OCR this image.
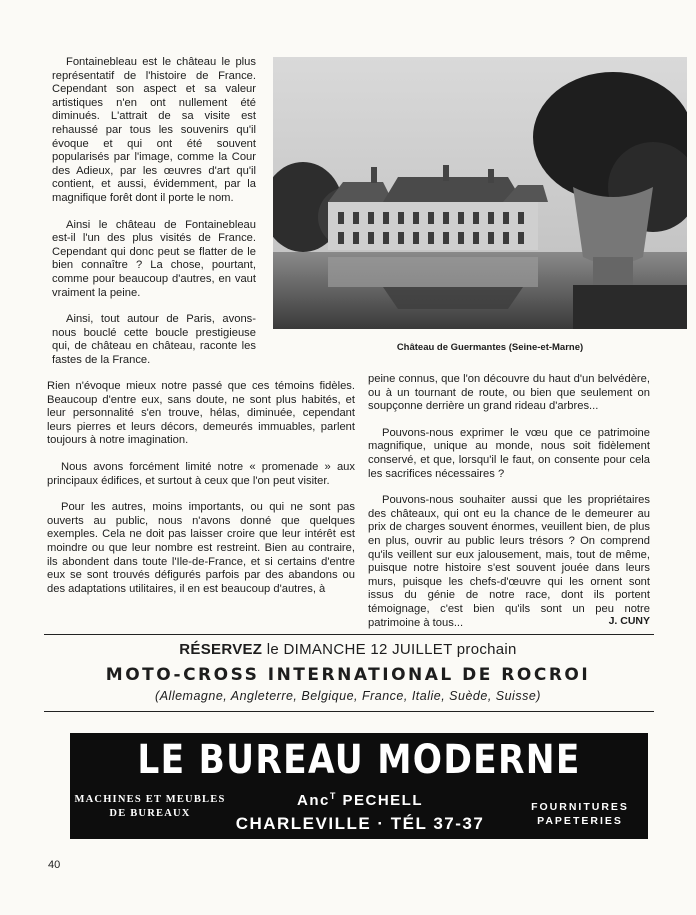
Fontainebleau est le château le plus représentatif de l'histoire de France. Cependant son aspect et sa valeur artistiques n'en ont nullement été diminués. L'attrait de sa visite est rehaussé par tous les souvenirs qu'il évoque et qui ont été souvent popularisés par l'image, comme la Cour des Adieux, par les œuvres d'art qu'il contient, et aussi, évidemment, par la magnifique forêt dont il porte le nom.

Ainsi le château de Fontainebleau est-il l'un des plus visités de France. Cependant qui donc peut se flatter de le bien connaître ? La chose, pourtant, comme pour beaucoup d'autres, en vaut vraiment la peine.

Ainsi, tout autour de Paris, avons-nous bouclé cette boucle prestigieuse qui, de château en château, raconte les fastes de la France.

Château de Guermantes (Seine-et-Marne)

Rien n'évoque mieux notre passé que ces témoins fidèles. Beaucoup d'entre eux, sans doute, ne sont plus habités, et leur personnalité s'en trouve, hélas, diminuée, cependant leurs pierres et leurs décors, demeurés immuables, parlent toujours à notre imagination.

Nous avons forcément limité notre « promenade » aux principaux édifices, et surtout à ceux que l'on peut visiter.

Pour les autres, moins importants, ou qui ne sont pas ouverts au public, nous n'avons donné que quelques exemples. Cela ne doit pas laisser croire que leur intérêt est moindre ou que leur nombre est restreint. Bien au contraire, ils abondent dans toute l'Ile-de-France, et si certains d'entre eux se sont trouvés défigurés parfois par des abandons ou des adaptations utilitaires, il en est beaucoup d'autres, à

peine connus, que l'on découvre du haut d'un belvédère, ou à un tournant de route, ou bien que seulement on soupçonne derrière un grand rideau d'arbres...

Pouvons-nous exprimer le vœu que ce patrimoine magnifique, unique au monde, nous soit fidèlement conservé, et que, lorsqu'il le faut, on consente pour cela les sacrifices nécessaires ?

Pouvons-nous souhaiter aussi que les propriétaires des châteaux, qui ont eu la chance de le demeurer au prix de charges souvent énormes, veuillent bien, de plus en plus, ouvrir au public leurs trésors ? On comprend qu'ils veillent sur eux jalousement, mais, tout de même, puisque notre histoire s'est souvent jouée dans leurs murs, puisque les chefs-d'œuvre qui les ornent sont issus du génie de notre race, dont ils portent témoignage, c'est bien qu'ils sont un peu notre patrimoine à tous...	J. CUNY
RÉSERVEZ le DIMANCHE 12 JUILLET prochain
MOTO-CROSS INTERNATIONAL DE ROCROI
(Allemagne, Angleterre, Belgique, France, Italie, Suède, Suisse)
LE BUREAU MODERNE
MACHINES ET MEUBLES
DE BUREAUX
Anc$^T$ PECHELL
CHARLEVILLE · TÉL 37-37
FOURNITURES
PAPETERIES
40
